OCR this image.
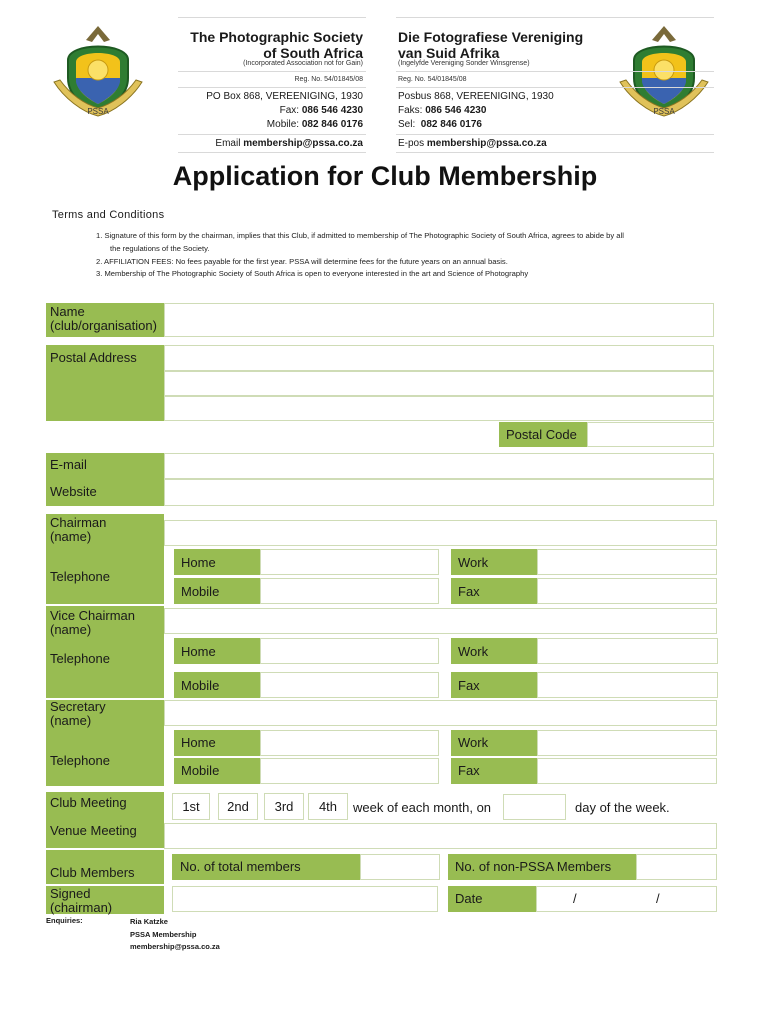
PSSA	PSSA
The Photographic Society
of South Africa
(Incorporated Association not for Gain)
Reg. No. 54/01845/08
PO Box 868, VEREENIGING, 1930
Fax: 086 546 4230
Mobile: 082 846 0176
Email membership@pssa.co.za
Die Fotografiese Vereniging
van Suid Afrika
(Ingelyfde Vereniging Sonder Winsgrense)
Reg. No. 54/01845/08
Posbus 868, VEREENIGING, 1930
Faks: 086 546 4230
Sel: 082 846 0176
E-pos membership@pssa.co.za
Application for Club Membership
Terms and Conditions
1. Signature of this form by the chairman, implies that this Club, if admitted to membership of The Photographic Society of South Africa, agrees to abide by all
the regulations of the Society.
2. AFFILIATION FEES: No fees payable for the first year. PSSA will determine fees for the future years on an annual basis.
3. Membership of The Photographic Society of South Africa is open to everyone interested in the art and Science of Photography
Name
(club/organisation)
Postal Address
Postal Code
E-mail
Website
Chairman
(name)
Telephone
Home	Work
Mobile	Fax
Vice Chairman
(name)
Telephone	Home	Work
Mobile	Fax
Secretary
(name)
Telephone
Home	Work
Mobile	Fax
Club Meeting	1st	2nd	3rd	4th	week of each month, on	day of the week.
Venue Meeting
Club Members	No. of total members	No. of non-PSSA Members
Signed
(chairman)
Date	/	/
Enquiries:	Ria Katzke
PSSA Membership
membership@pssa.co.za
